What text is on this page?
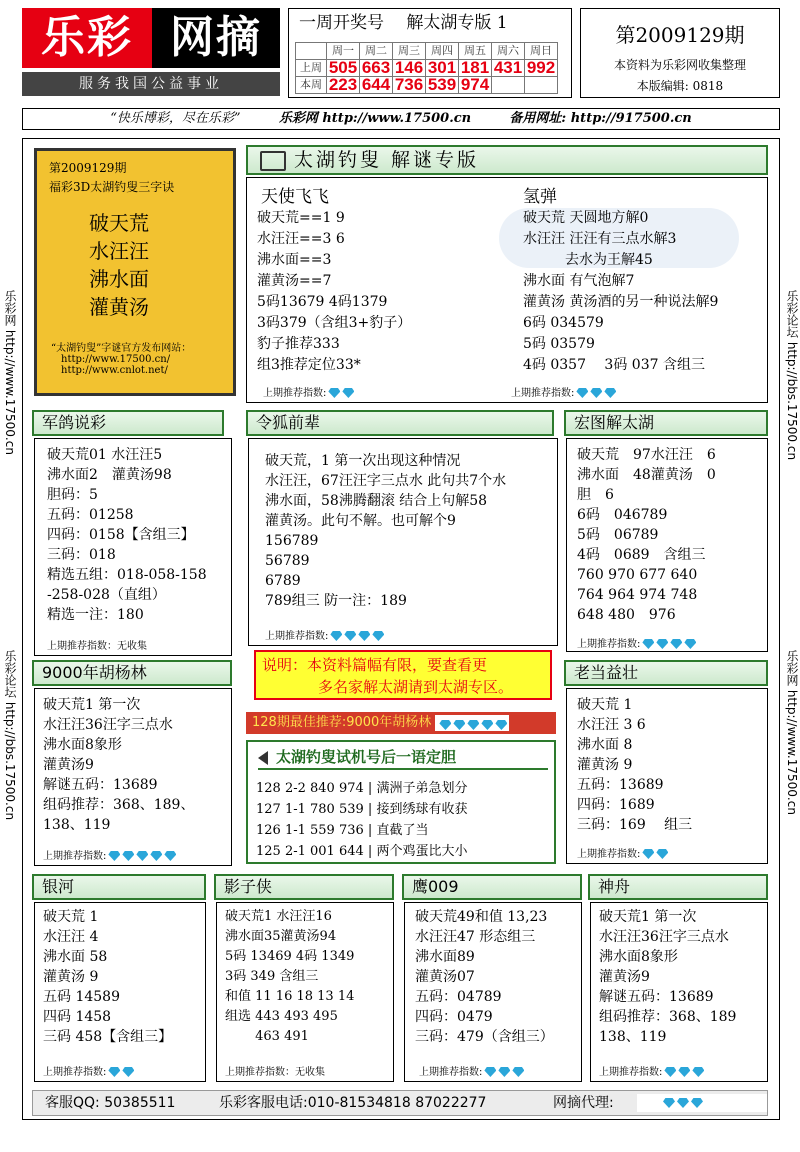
乐彩 网摘
服务我国公益事业
一周开奖号　 解太湖专版 1
	周一	周二	周三	周四	周五	周六	周日
上周	505	663	146	301	181	431	992
本周	223	644	736	539	974		
第2009129期
本资料为乐彩网收集整理
本版编辑: 0818
“快乐博彩，尽在乐彩”	乐彩网 http://www.17500.cn	备用网址: http://917500.cn
乐彩网 http://www.17500.cn
乐彩论坛 http://bbs.17500.cn
乐彩论坛 http://bbs.17500.cn
乐彩网 http://www.17500.cn
第2009129期
福彩3D太湖钓叟三字诀
破天荒
水汪汪
沸水面
灌黄汤
“太湖钓叟”字谜官方发布网站：
http://www.17500.cn/
http://www.cnlot.net/
太湖钓叟 解谜专版
天使飞飞
破天荒==1 9
水汪汪==3 6
沸水面==3
灌黄汤==7
5码13679 4码1379
3码379（含组3+豹子）
豹子推荐333
组3推荐定位33*
氢弹
破天荒 天圆地方解0
水汪汪 汪汪有三点水解3
　　　去水为王解45
沸水面 有气泡解7
灌黄汤 黄汤酒的另一种说法解9
6码 034579
5码 03579
4码 0357　 3码 037 含组三
上期推荐指数:	上期推荐指数:
军鸽说彩
破天荒01 水汪汪5
沸水面2　灌黄汤98
胆码：5
五码：01258
四码：0158【含组三】
三码：018
精选五组：018-058-158
-258-028（直组）
精选一注：180
上期推荐指数：无收集
令狐前辈
破天荒，1 第一次出现这种情况
水汪汪，67汪汪字三点水 此句共7个水
沸水面，58沸腾翻滚 结合上句解58
灌黄汤。此句不解。也可解个9
156789
56789
6789
789组三 防一注：189
上期推荐指数:
宏图解太湖
破天荒　97水汪汪　6
沸水面　48灌黄汤　0
胆　6
6码　046789
5码　06789
4码　0689　含组三
760 970 677 640
764 964 974 748
648 480　976
上期推荐指数:
说明：本资料篇幅有限，要查看更
多名家解太湖请到太湖专区。
128期最佳推荐:9000年胡杨林
9000年胡杨林
破天荒1 第一次
水汪汪36汪字三点水
沸水面8象形
灌黄汤9
解谜五码：13689
组码推荐：368、189、
138、119
上期推荐指数:
太湖钓叟试机号后一语定胆
128 2-2 840 974 | 满洲子弟急划分
127 1-1 780 539 | 接到绣球有收获
126 1-1 559 736 | 直截了当
125 2-1 001 644 | 两个鸡蛋比大小
老当益壮
破天荒 1
水汪汪 3 6
沸水面 8
灌黄汤 9
五码：13689
四码：1689
三码：169　 组三
上期推荐指数:
银河
破天荒 1
水汪汪 4
沸水面 58
灌黄汤 9
五码 14589
四码 1458
三码 458【含组三】
上期推荐指数:
影子侠
破天荒1 水汪汪16
沸水面35灌黄汤94
5码 13469 4码 1349
3码 349 含组三
和值 11 16 18 13 14
组选 443 493 495
　　 463 491
上期推荐指数：无收集
鹰009
破天荒49和值 13,23
水汪汪47 形态组三
沸水面89
灌黄汤07
五码：04789
四码：0479
三码：479（含组三）
上期推荐指数:
神舟
破天荒1 第一次
水汪汪36汪字三点水
沸水面8象形
灌黄汤9
解谜五码：13689
组码推荐：368、189
138、119
上期推荐指数:
客服QQ: 50385511	乐彩客服电话:010-81534818 87022277	网摘代理:
